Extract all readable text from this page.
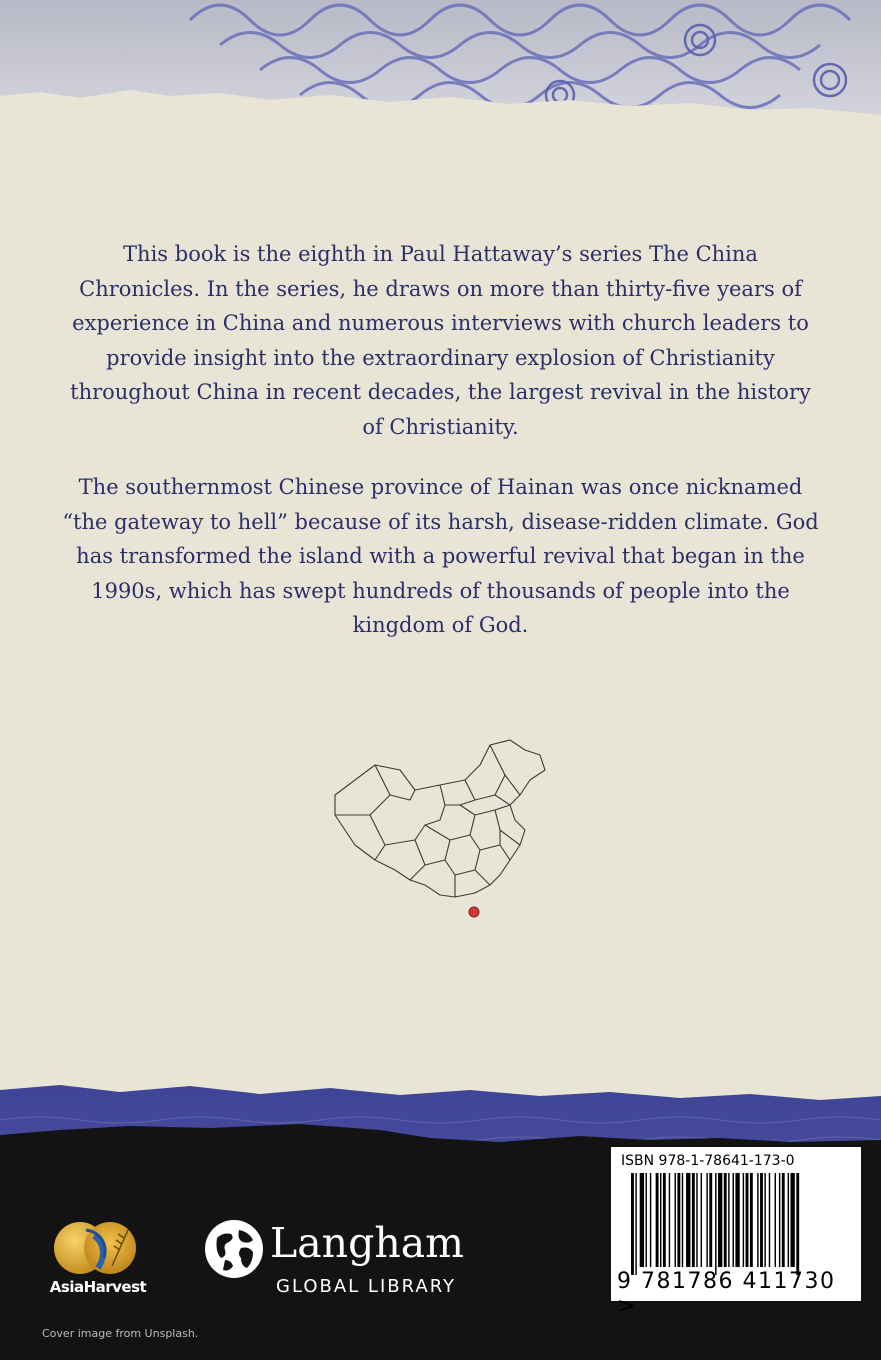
This book is the eighth in Paul Hattaway’s series The China Chronicles. In the series, he draws on more than thirty-five years of experience in China and numerous interviews with church leaders to provide insight into the extraordinary explosion of Christianity throughout China in recent decades, the largest revival in the history of Christianity.

The southernmost Chinese province of Hainan was once nicknamed “the gateway to hell” because of its harsh, disease-ridden climate. God has transformed the island with a powerful revival that began in the 1990s, which has swept hundreds of thousands of people into the kingdom of God.

AsiaHarvest
Langham
GLOBAL LIBRARY
Cover image from Unsplash.
ISBN 978-1-78641-173-0
9 781786 411730 >
